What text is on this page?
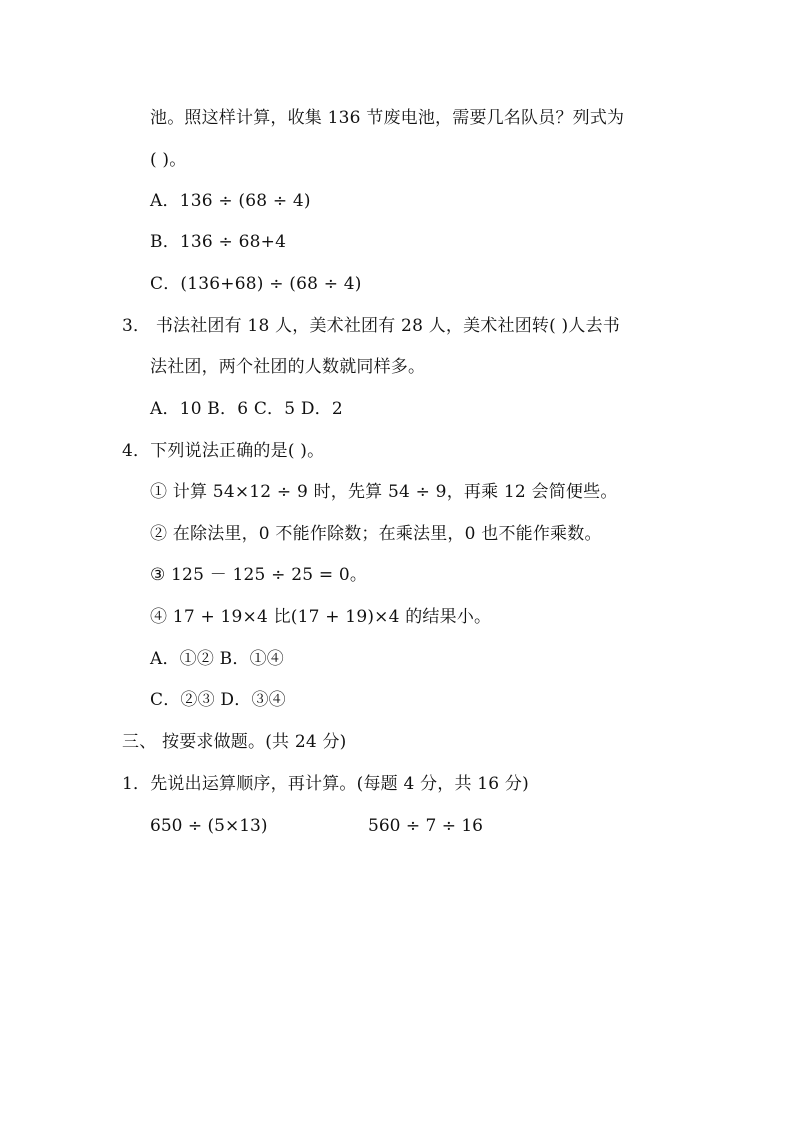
池。照这样计算，收集 136 节废电池，需要几名队员？列式为
( )。
A．136 ÷ (68 ÷ 4)
B．136 ÷ 68+4
C．(136+68) ÷ (68 ÷ 4)
3． 书法社团有 18 人，美术社团有 28 人，美术社团转( )人去书
法社团，两个社团的人数就同样多。
A．10 B．6 C．5 D．2
4．下列说法正确的是( )。
① 计算 54×12 ÷ 9 时，先算 54 ÷ 9，再乘 12 会简便些。
② 在除法里，0 不能作除数；在乘法里，0 也不能作乘数。
③ 125 － 125 ÷ 25 = 0。
④ 17 + 19×4 比(17 + 19)×4 的结果小。
A．①② B．①④
C．②③ D．③④
三、 按要求做题。(共 24 分)
1．先说出运算顺序，再计算。(每题 4 分，共 16 分)
650 ÷ (5×13)	560 ÷ 7 ÷ 16
